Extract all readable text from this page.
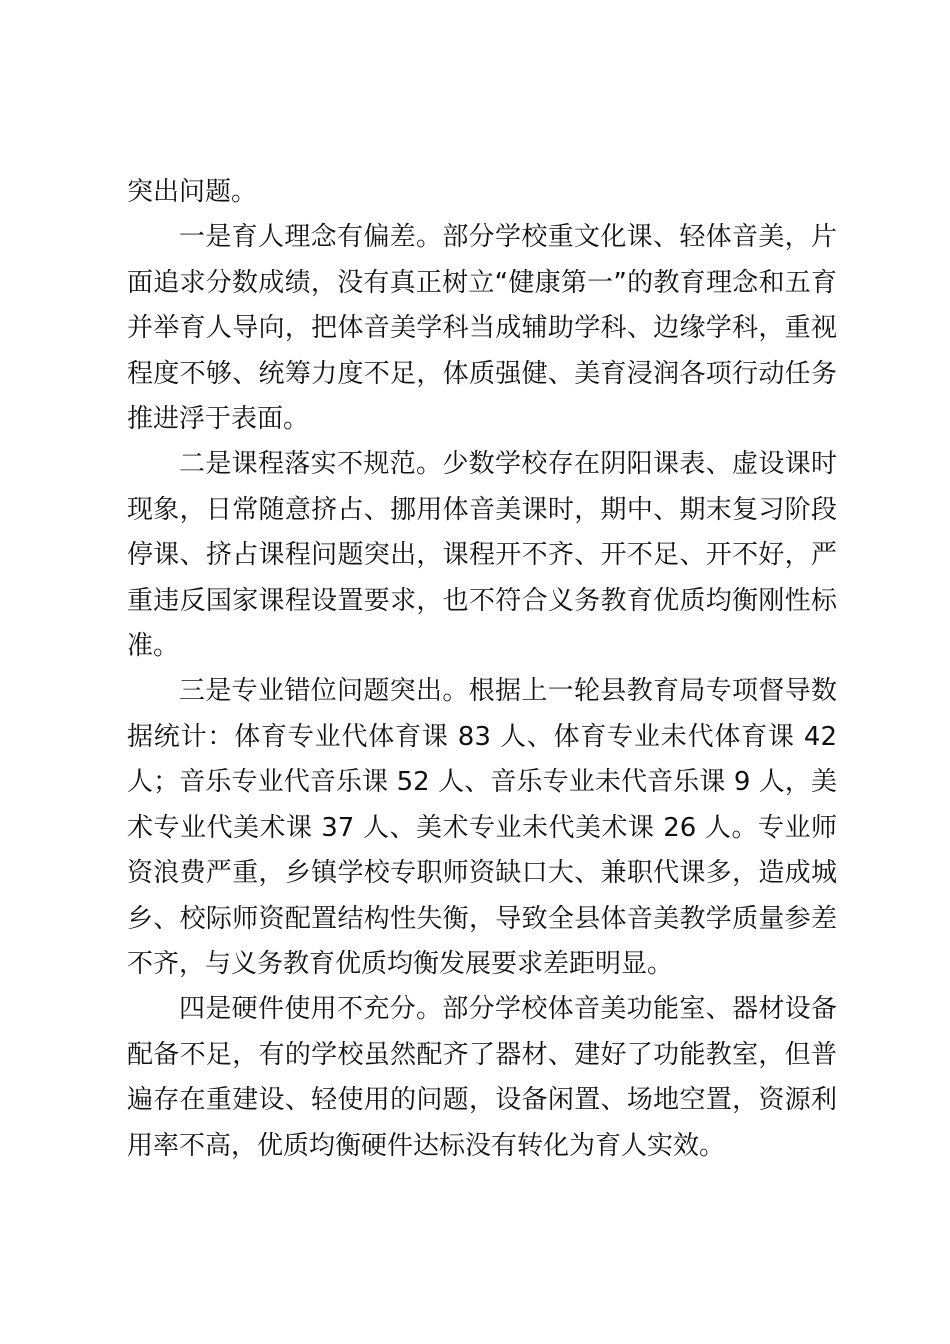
突出问题。

一是育人理念有偏差。部分学校重文化课、轻体音美，片面追求分数成绩，没有真正树立“健康第一”的教育理念和五育并举育人导向，把体音美学科当成辅助学科、边缘学科，重视程度不够、统筹力度不足，体质强健、美育浸润各项行动任务推进浮于表面。

二是课程落实不规范。少数学校存在阴阳课表、虚设课时现象，日常随意挤占、挪用体音美课时，期中、期末复习阶段停课、挤占课程问题突出，课程开不齐、开不足、开不好，严重违反国家课程设置要求，也不符合义务教育优质均衡刚性标准。

三是专业错位问题突出。根据上一轮县教育局专项督导数据统计：体育专业代体育课 83 人、体育专业未代体育课 42 人；音乐专业代音乐课 52 人、音乐专业未代音乐课 9 人，美术专业代美术课 37 人、美术专业未代美术课 26 人。专业师资浪费严重，乡镇学校专职师资缺口大、兼职代课多，造成城乡、校际师资配置结构性失衡，导致全县体音美教学质量参差不齐，与义务教育优质均衡发展要求差距明显。

四是硬件使用不充分。部分学校体音美功能室、器材设备配备不足，有的学校虽然配齐了器材、建好了功能教室，但普遍存在重建设、轻使用的问题，设备闲置、场地空置，资源利用率不高，优质均衡硬件达标没有转化为育人实效。
